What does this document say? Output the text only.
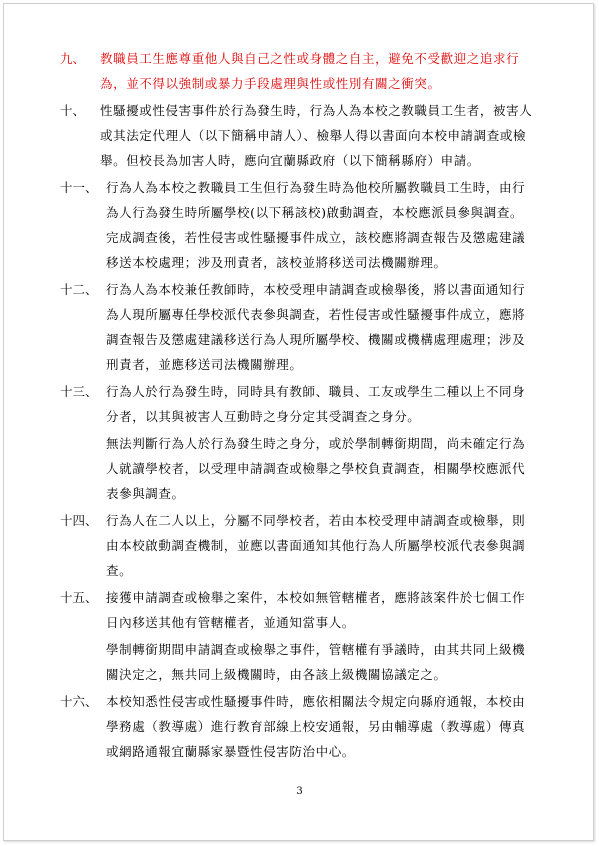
九、 教職員工生應尊重他人與自己之性或身體之自主，避免不受歡迎之追求行
為，並不得以強制或暴力手段處理與性或性別有關之衝突。
十、 性騷擾或性侵害事件於行為發生時，行為人為本校之教職員工生者，被害人
或其法定代理人（以下簡稱申請人）、檢舉人得以書面向本校申請調查或檢
舉。但校長為加害人時，應向宜蘭縣政府（以下簡稱縣府）申請。
十一、 行為人為本校之教職員工生但行為發生時為他校所屬教職員工生時，由行
為人行為發生時所屬學校(以下稱該校)啟動調查，本校應派員參與調查。
完成調查後，若性侵害或性騷擾事件成立，該校應將調查報告及懲處建議
移送本校處理；涉及刑責者，該校並將移送司法機關辦理。
十二、 行為人為本校兼任教師時，本校受理申請調查或檢舉後，將以書面通知行
為人現所屬專任學校派代表參與調查，若性侵害或性騷擾事件成立，應將
調查報告及懲處建議移送行為人現所屬學校、機關或機構處理處理；涉及
刑責者，並應移送司法機關辦理。
十三、 行為人於行為發生時，同時具有教師、職員、工友或學生二種以上不同身
分者，以其與被害人互動時之身分定其受調查之身分。
無法判斷行為人於行為發生時之身分，或於學制轉銜期間，尚未確定行為
人就讀學校者，以受理申請調查或檢舉之學校負責調查，相關學校應派代
表參與調查。
十四、 行為人在二人以上，分屬不同學校者，若由本校受理申請調查或檢舉，則
由本校啟動調查機制，並應以書面通知其他行為人所屬學校派代表參與調
查。
十五、 接獲申請調查或檢舉之案件，本校如無管轄權者，應將該案件於七個工作
日內移送其他有管轄權者，並通知當事人。
學制轉銜期間申請調查或檢舉之事件，管轄權有爭議時，由其共同上級機
關決定之，無共同上級機關時，由各該上級機關協議定之。
十六、 本校知悉性侵害或性騷擾事件時，應依相關法令規定向縣府通報，本校由
學務處（教導處）進行教育部線上校安通報，另由輔導處（教導處）傳真
或網路通報宜蘭縣家暴暨性侵害防治中心。
3
